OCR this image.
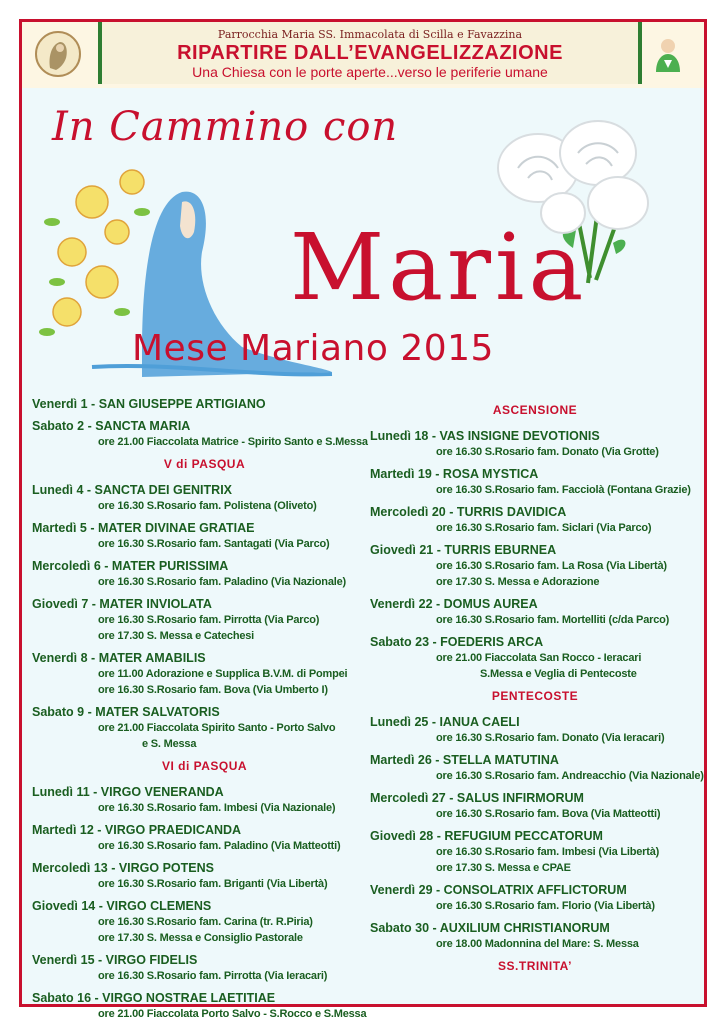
Parrocchia Maria SS. Immacolata di Scilla e Favazzina
RIPARTIRE DALL’EVANGELIZZAZIONE
Una Chiesa con le porte aperte...verso le periferie umane
In Cammino con
Maria
Mese Mariano 2015
Venerdì 1 - SAN GIUSEPPE ARTIGIANO
Sabato 2 - SANCTA MARIA
ore 21.00 Fiaccolata Matrice - Spirito Santo e S.Messa
V di PASQUA
Lunedì 4 - SANCTA DEI GENITRIX
ore 16.30 S.Rosario fam. Polistena (Oliveto)
Martedì 5 - MATER DIVINAE GRATIAE
ore 16.30 S.Rosario fam. Santagati (Via Parco)
Mercoledì 6 - MATER PURISSIMA
ore 16.30 S.Rosario fam. Paladino (Via Nazionale)
Giovedì 7 - MATER INVIOLATA
ore 16.30 S.Rosario fam. Pirrotta (Via Parco)
ore 17.30 S. Messa e Catechesi
Venerdì 8 - MATER AMABILIS
ore 11.00 Adorazione e Supplica B.V.M. di Pompei
ore 16.30 S.Rosario fam. Bova (Via Umberto I)
Sabato 9 - MATER SALVATORIS
ore 21.00 Fiaccolata Spirito Santo - Porto Salvo
e S. Messa
VI di PASQUA
Lunedì 11 - VIRGO VENERANDA
ore 16.30 S.Rosario fam. Imbesi (Via Nazionale)
Martedì 12 - VIRGO PRAEDICANDA
ore 16.30 S.Rosario fam. Paladino (Via Matteotti)
Mercoledì 13 - VIRGO POTENS
ore 16.30 S.Rosario fam. Briganti (Via Libertà)
Giovedì 14 - VIRGO CLEMENS
ore 16.30 S.Rosario fam. Carina (tr. R.Piria)
ore 17.30 S. Messa e Consiglio Pastorale
Venerdì 15 - VIRGO FIDELIS
ore 16.30 S.Rosario fam. Pirrotta (Via Ieracari)
Sabato 16 - VIRGO NOSTRAE LAETITIAE
ore 21.00 Fiaccolata Porto Salvo - S.Rocco e S.Messa
ASCENSIONE
Lunedì 18 - VAS INSIGNE DEVOTIONIS
ore 16.30 S.Rosario fam. Donato (Via Grotte)
Martedì 19 - ROSA MYSTICA
ore 16.30 S.Rosario fam. Facciolà (Fontana Grazie)
Mercoledì 20 - TURRIS DAVIDICA
ore 16.30 S.Rosario fam. Siclari (Via Parco)
Giovedì 21 - TURRIS EBURNEA
ore 16.30 S.Rosario fam. La Rosa (Via Libertà)
ore 17.30 S. Messa e Adorazione
Venerdì 22 - DOMUS AUREA
ore 16.30 S.Rosario fam. Mortelliti (c/da Parco)
Sabato 23 - FOEDERIS ARCA
ore 21.00 Fiaccolata San Rocco - Ieracari
S.Messa e Veglia di Pentecoste
PENTECOSTE
Lunedì 25 - IANUA CAELI
ore 16.30 S.Rosario fam. Donato (Via Ieracari)
Martedì 26 - STELLA MATUTINA
ore 16.30 S.Rosario fam. Andreacchio (Via Nazionale)
Mercoledì 27 - SALUS INFIRMORUM
ore 16.30 S.Rosario fam. Bova (Via Matteotti)
Giovedì 28 - REFUGIUM PECCATORUM
ore 16.30 S.Rosario fam. Imbesi (Via Libertà)
ore 17.30 S. Messa e CPAE
Venerdì 29 - CONSOLATRIX AFFLICTORUM
ore 16.30 S.Rosario fam. Florio (Via Libertà)
Sabato 30 - AUXILIUM CHRISTIANORUM
ore 18.00 Madonnina del Mare: S. Messa
SS.TRINITA’
